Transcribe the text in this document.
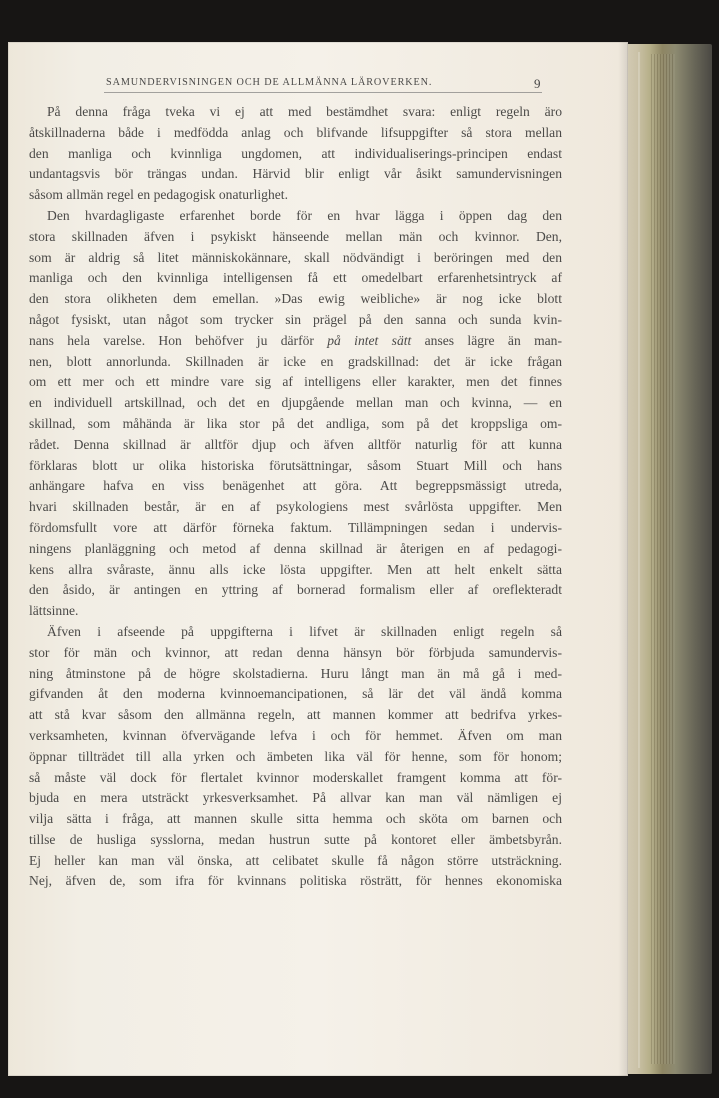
SAMUNDERVISNINGEN OCH DE ALLMÄNNA LÄROVERKEN.	9
På denna fråga tveka vi ej att med bestämdhet svara: enligt regeln äro
åtskillnaderna både i medfödda anlag och blifvande lifsuppgifter så stora mellan
den manliga och kvinnliga ungdomen, att individualiserings-principen endast
undantagsvis bör trängas undan. Härvid blir enligt vår åsikt samundervisningen
såsom allmän regel en pedagogisk onaturlighet.
Den hvardagligaste erfarenhet borde för en hvar lägga i öppen dag den
stora skillnaden äfven i psykiskt hänseende mellan män och kvinnor. Den,
som är aldrig så litet människokännare, skall nödvändigt i beröringen med den
manliga och den kvinnliga intelligensen få ett omedelbart erfarenhetsintryck af
den stora olikheten dem emellan. »Das ewig weibliche» är nog icke blott
något fysiskt, utan något som trycker sin prägel på den sanna och sunda kvin-
nans hela varelse. Hon behöfver ju därför på intet sätt anses lägre än man-
nen, blott annorlunda. Skillnaden är icke en gradskillnad: det är icke frågan
om ett mer och ett mindre vare sig af intelligens eller karakter, men det finnes
en individuell artskillnad, och det en djupgående mellan man och kvinna, — en
skillnad, som måhända är lika stor på det andliga, som på det kroppsliga om-
rådet. Denna skillnad är alltför djup och äfven alltför naturlig för att kunna
förklaras blott ur olika historiska förutsättningar, såsom Stuart Mill och hans
anhängare hafva en viss benägenhet att göra. Att begreppsmässigt utreda,
hvari skillnaden består, är en af psykologiens mest svårlösta uppgifter. Men
fördomsfullt vore att därför förneka faktum. Tillämpningen sedan i undervis-
ningens planläggning och metod af denna skillnad är återigen en af pedagogi-
kens allra svåraste, ännu alls icke lösta uppgifter. Men att helt enkelt sätta
den åsido, är antingen en yttring af bornerad formalism eller af oreflekteradt
lättsinne.
Äfven i afseende på uppgifterna i lifvet är skillnaden enligt regeln så
stor för män och kvinnor, att redan denna hänsyn bör förbjuda samundervis-
ning åtminstone på de högre skolstadierna. Huru långt man än må gå i med-
gifvanden åt den moderna kvinnoemancipationen, så lär det väl ändå komma
att stå kvar såsom den allmänna regeln, att mannen kommer att bedrifva yrkes-
verksamheten, kvinnan öfvervägande lefva i och för hemmet. Äfven om man
öppnar tillträdet till alla yrken och ämbeten lika väl för henne, som för honom;
så måste väl dock för flertalet kvinnor moderskallet framgent komma att för-
bjuda en mera utsträckt yrkesverksamhet. På allvar kan man väl nämligen ej
vilja sätta i fråga, att mannen skulle sitta hemma och sköta om barnen och
tillse de husliga sysslorna, medan hustrun sutte på kontoret eller ämbetsbyrån.
Ej heller kan man väl önska, att celibatet skulle få någon större utsträckning.
Nej, äfven de, som ifra för kvinnans politiska rösträtt, för hennes ekonomiska
